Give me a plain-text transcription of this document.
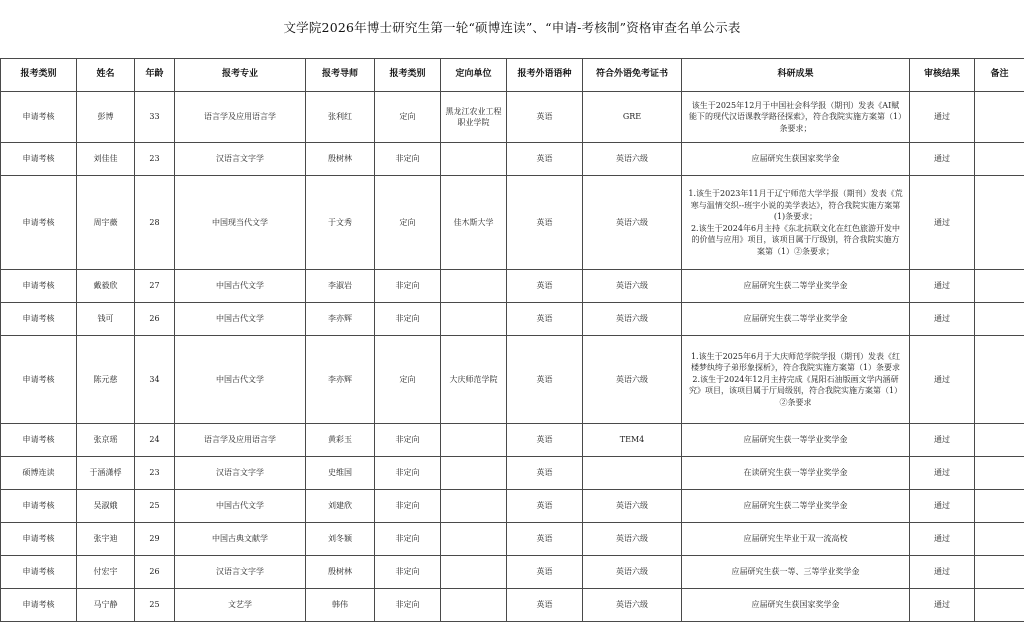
文学院2026年博士研究生第一轮“硕博连读”、“申请-考核制”资格审查名单公示表
报考类别	姓名	年龄	报考专业	报考导师	报考类别	定向单位	报考外语语种	符合外语免考证书	科研成果	审核结果	备注
申请考核	彭博	33	语言学及应用语言学	张利红	定向	黑龙江农业工程职业学院	英语	GRE	该生于2025年12月于中国社会科学报（期刊）发表《AI赋能下的现代汉语课教学路径探索》，符合我院实施方案第（1）条要求；	通过	
申请考核	刘佳佳	23	汉语言文字学	殷树林	非定向		英语	英语六级	应届研究生获国家奖学金	通过	
申请考核	周宇薇	28	中国现当代文学	于文秀	定向	佳木斯大学	英语	英语六级	1.该生于2023年11月于辽宁师范大学学报（期刊）发表《荒寒与温情交织--班宇小说的美学表达》，符合我院实施方案第(1)条要求；
2.该生于2024年6月主持《东北抗联文化在红色旅游开发中的价值与应用》项目，该项目属于厅级别，符合我院实施方案第（1）②条要求；	通过	
申请考核	戴毅欣	27	中国古代文学	李淑岩	非定向		英语	英语六级	应届研究生获二等学业奖学金	通过	
申请考核	钱可	26	中国古代文学	李亦辉	非定向		英语	英语六级	应届研究生获二等学业奖学金	通过	
申请考核	陈元慈	34	中国古代文学	李亦辉	定向	大庆师范学院	英语	英语六级	1.该生于2025年6月于大庆师范学院学报（期刊）发表《红楼梦纨绔子弟形象探析》，符合我院实施方案第（1）条要求
2.该生于2024年12月主持完成《晁阳石油版画文学内涵研究》项目，该项目属于厅局级别，符合我院实施方案第（1）②条要求	通过	
申请考核	张京瑶	24	语言学及应用语言学	黄彩玉	非定向		英语	TEM4	应届研究生获一等学业奖学金	通过	
硕博连读	于涵潇桴	23	汉语言文字学	史维国	非定向		英语		在读研究生获一等学业奖学金	通过	
申请考核	吴淑娥	25	中国古代文学	刘建欣	非定向		英语	英语六级	应届研究生获二等学业奖学金	通过	
申请考核	张宇迪	29	中国古典文献学	刘冬颖	非定向		英语	英语六级	应届研究生毕业于双一流高校	通过	
申请考核	付宏宇	26	汉语言文字学	殷树林	非定向		英语	英语六级	应届研究生获一等、三等学业奖学金	通过	
申请考核	马宁静	25	文艺学	韩伟	非定向		英语	英语六级	应届研究生获国家奖学金	通过	
